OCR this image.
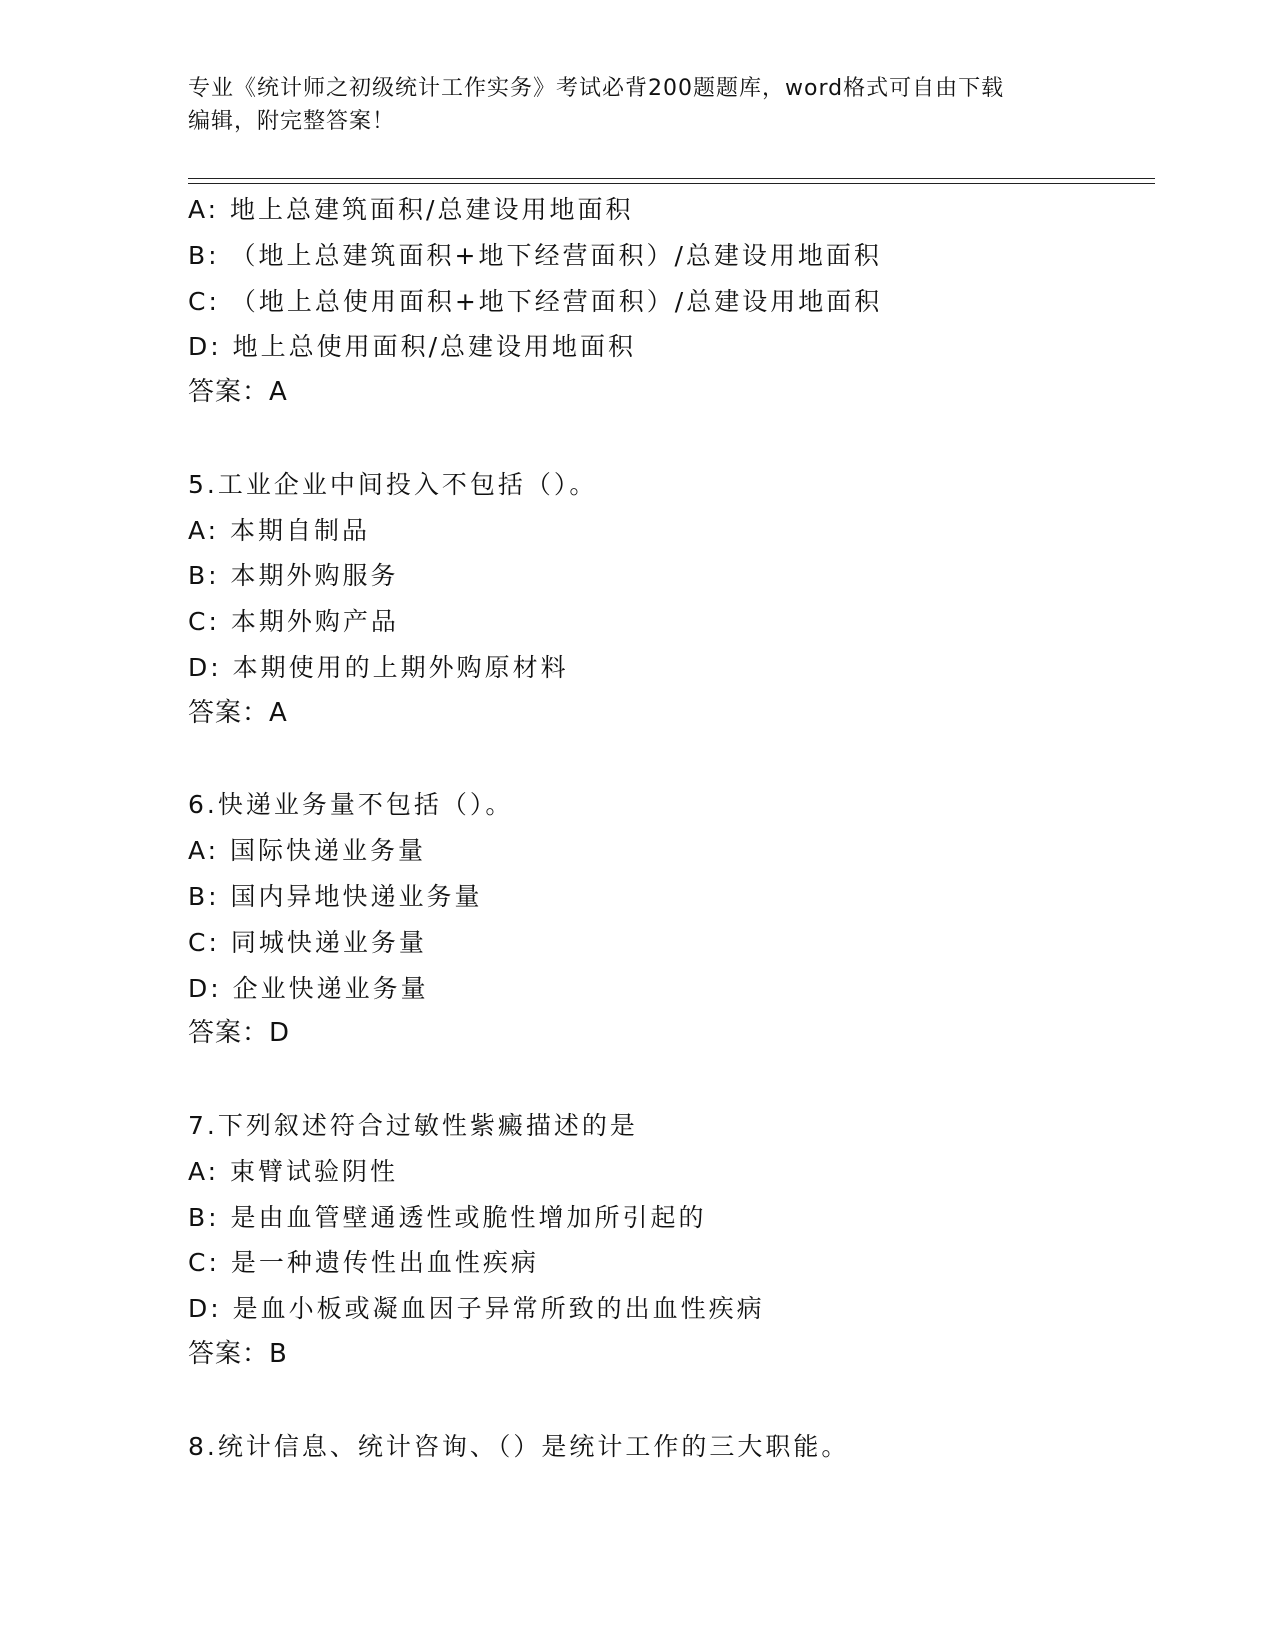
专业《统计师之初级统计工作实务》考试必背200题题库，word格式可自由下载
编辑，附完整答案！
A: 地上总建筑面积/总建设用地面积
B: （地上总建筑面积+地下经营面积）/总建设用地面积
C: （地上总使用面积+地下经营面积）/总建设用地面积
D: 地上总使用面积/总建设用地面积
答案：A
5.工业企业中间投入不包括（）。
A: 本期自制品
B: 本期外购服务
C: 本期外购产品
D: 本期使用的上期外购原材料
答案：A
6.快递业务量不包括（）。
A: 国际快递业务量
B: 国内异地快递业务量
C: 同城快递业务量
D: 企业快递业务量
答案：D
7.下列叙述符合过敏性紫癜描述的是
A: 束臂试验阴性
B: 是由血管壁通透性或脆性增加所引起的
C: 是一种遗传性出血性疾病
D: 是血小板或凝血因子异常所致的出血性疾病
答案：B
8.统计信息、统计咨询、（）是统计工作的三大职能。
